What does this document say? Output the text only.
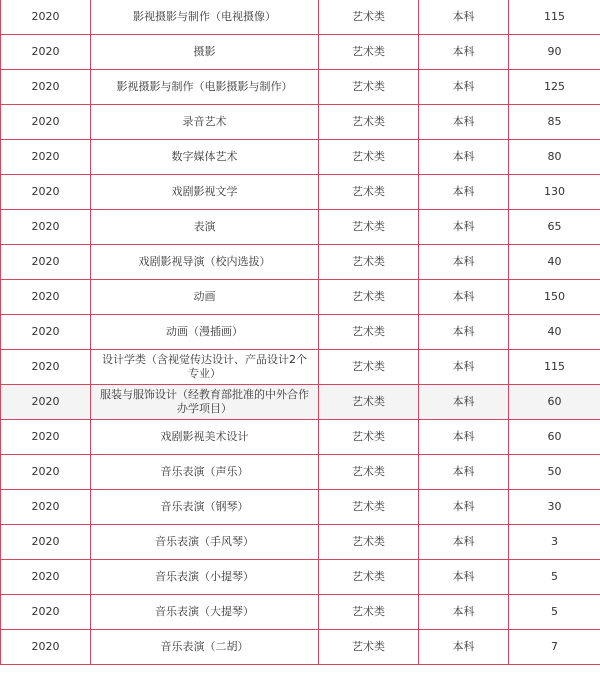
2020	影视摄影与制作（电视摄像）	艺术类	本科	115
2020	摄影	艺术类	本科	90
2020	影视摄影与制作（电影摄影与制作）	艺术类	本科	125
2020	录音艺术	艺术类	本科	85
2020	数字媒体艺术	艺术类	本科	80
2020	戏剧影视文学	艺术类	本科	130
2020	表演	艺术类	本科	65
2020	戏剧影视导演（校内选拔）	艺术类	本科	40
2020	动画	艺术类	本科	150
2020	动画（漫插画）	艺术类	本科	40
2020	设计学类（含视觉传达设计、产品设计2个专业）	艺术类	本科	115
2020	服装与服饰设计（经教育部批准的中外合作办学项目）	艺术类	本科	60
2020	戏剧影视美术设计	艺术类	本科	60
2020	音乐表演（声乐）	艺术类	本科	50
2020	音乐表演（钢琴）	艺术类	本科	30
2020	音乐表演（手风琴）	艺术类	本科	3
2020	音乐表演（小提琴）	艺术类	本科	5
2020	音乐表演（大提琴）	艺术类	本科	5
2020	音乐表演（二胡）	艺术类	本科	7
